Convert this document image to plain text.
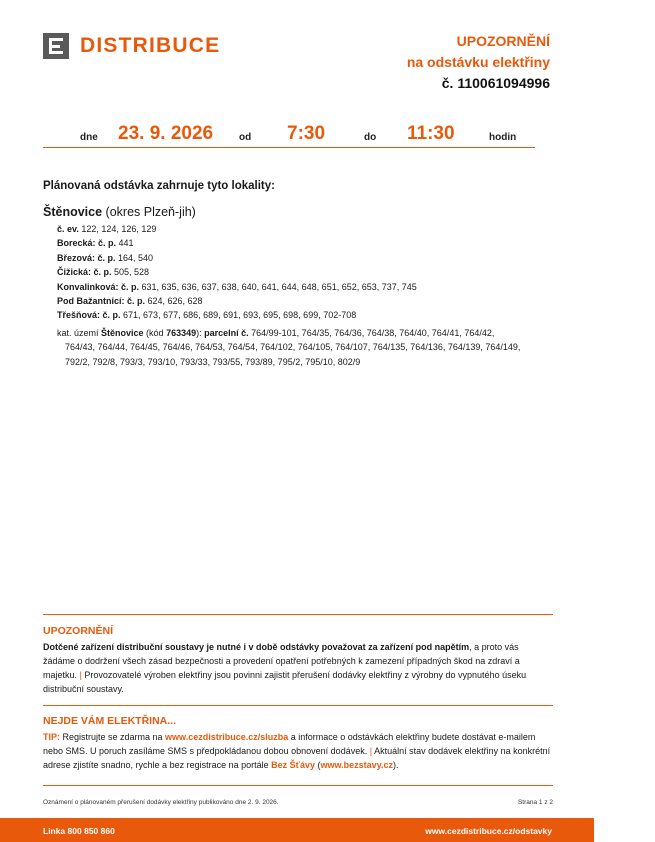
DISTRIBUCE	UPOZORNĚNÍ
na odstávku elektřiny
č. 110061094996
dne 23. 9. 2026	od 7:30	do 11:30	hodin
Plánovaná odstávka zahrnuje tyto lokality:
Štěnovice (okres Plzeň-jih)
č. ev. 122, 124, 126, 129
Borecká: č. p. 441
Březová: č. p. 164, 540
Čižická: č. p. 505, 528
Konvalinková: č. p. 631, 635, 636, 637, 638, 640, 641, 644, 648, 651, 652, 653, 737, 745
Pod Bažantnicí: č. p. 624, 626, 628
Třešňová: č. p. 671, 673, 677, 686, 689, 691, 693, 695, 698, 699, 702-708
kat. území Štěnovice (kód 763349): parcelní č. 764/99-101, 764/35, 764/36, 764/38, 764/40, 764/41, 764/42,
764/43, 764/44, 764/45, 764/46, 764/53, 764/54, 764/102, 764/105, 764/107, 764/135, 764/136, 764/139, 764/149, 792/2, 792/8, 793/3, 793/10, 793/33, 793/55, 793/89, 795/2, 795/10, 802/9
UPOZORNĚNÍ
Dotčené zařízení distribuční soustavy je nutné i v době odstávky považovat za zařízení pod napětím, a proto vás žádáme o dodržení všech zásad bezpečnosti a provedení opatření potřebných k zamezení případných škod na zdraví a majetku. | Provozovatelé výroben elektřiny jsou povinni zajistit přerušení dodávky elektřiny z výrobny do vypnutého úseku distribuční soustavy.
NEJDE VÁM ELEKTŘINA...
TIP: Registrujte se zdarma na www.cezdistribuce.cz/sluzba a informace o odstávkách elektřiny budete dostávat e-mailem nebo SMS. U poruch zasíláme SMS s předpokládanou dobou obnovení dodávek. | Aktuální stav dodávek elektřiny na konkrétní adrese zjistíte snadno, rychle a bez registrace na portále Bez Šťávy (www.bezstavy.cz).
Oznámení o plánovaném přerušení dodávky elektřiny publikováno dne 2. 9. 2026.	Strana 1 z 2
Linka 800 850 860	www.cezdistribuce.cz/odstavky
